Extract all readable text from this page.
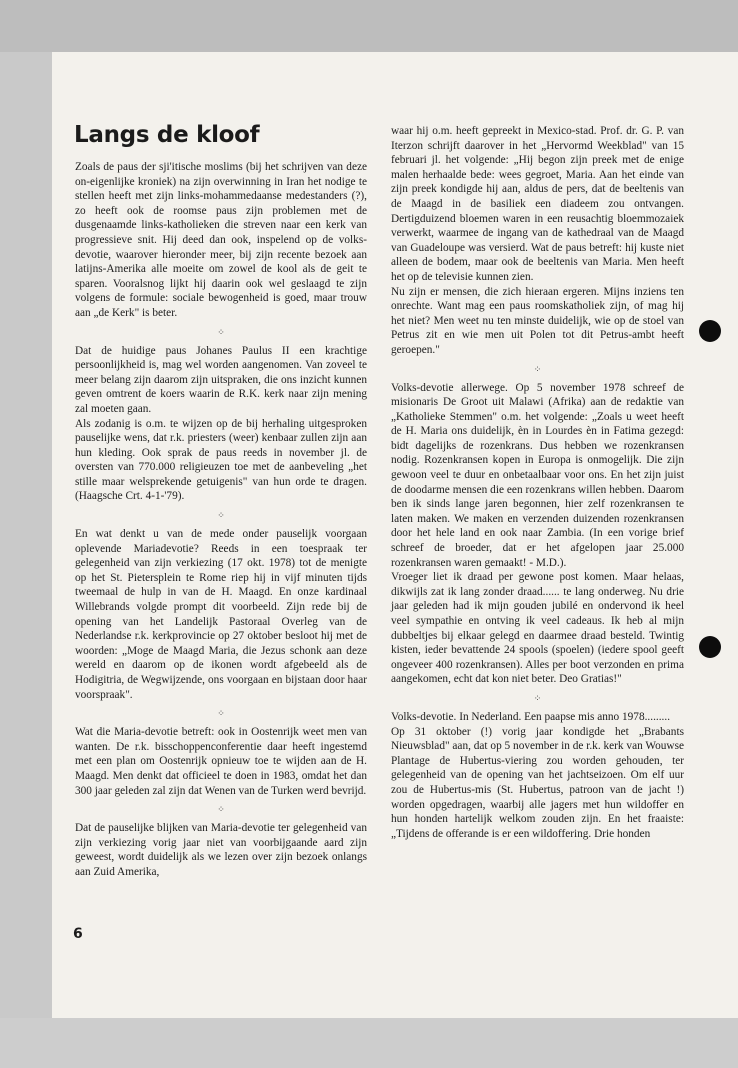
Langs de kloof

Zoals de paus der sji'itische moslims (bij het schrijven van deze on-eigenlijke kroniek) na zijn overwinning in Iran het nodige te stellen heeft met zijn links-mohammedaanse medestanders (?), zo heeft ook de roomse paus zijn problemen met de dusgenaamde links-katholieken die streven naar een kerk van progressieve snit. Hij deed dan ook, inspelend op de volks-devotie, waarover hieronder meer, bij zijn recente bezoek aan latijns-Amerika alle moeite om zowel de kool als de geit te sparen. Vooralsnog lijkt hij daarin ook wel geslaagd te zijn volgens de formule: sociale bewogenheid is goed, maar trouw aan „de Kerk" is beter.

⁘

Dat de huidige paus Johanes Paulus II een krachtige persoonlijkheid is, mag wel worden aangenomen. Van zoveel te meer belang zijn daarom zijn uitspraken, die ons inzicht kunnen geven omtrent de koers waarin de R.K. kerk naar zijn mening zal moeten gaan.

Als zodanig is o.m. te wijzen op de bij herhaling uitgesproken pauselijke wens, dat r.k. priesters (weer) kenbaar zullen zijn aan hun kleding. Ook sprak de paus reeds in november jl. de oversten van 770.000 religieuzen toe met de aanbeveling „het stille maar welsprekende getuigenis" van hun orde te dragen. (Haagsche Crt. 4-1-'79).

⁘

En wat denkt u van de mede onder pauselijk voorgaan oplevende Mariadevotie? Reeds in een toespraak ter gelegenheid van zijn verkiezing (17 okt. 1978) tot de menigte op het St. Pietersplein te Rome riep hij in vijf minuten tijds tweemaal de hulp in van de H. Maagd. En onze kardinaal Willebrands volgde prompt dit voorbeeld. Zijn rede bij de opening van het Landelijk Pastoraal Overleg van de Nederlandse r.k. kerkprovincie op 27 oktober besloot hij met de woorden: „Moge de Maagd Maria, die Jezus schonk aan deze wereld en daarom op de ikonen wordt afgebeeld als de Hodigitria, de Wegwijzende, ons voorgaan en bijstaan door haar voorspraak".

⁘

Wat die Maria-devotie betreft: ook in Oostenrijk weet men van wanten. De r.k. bisschoppenconferentie daar heeft ingestemd met een plan om Oostenrijk opnieuw toe te wijden aan de H. Maagd. Men denkt dat officieel te doen in 1983, omdat het dan 300 jaar geleden zal zijn dat Wenen van de Turken werd bevrijd.

⁘

Dat de pauselijke blijken van Maria-devotie ter gelegenheid van zijn verkiezing vorig jaar niet van voorbijgaande aard zijn geweest, wordt duidelijk als we lezen over zijn bezoek onlangs aan Zuid Amerika,

waar hij o.m. heeft gepreekt in Mexico-stad. Prof. dr. G. P. van Iterzon schrijft daarover in het „Hervormd Weekblad" van 15 februari jl. het volgende: „Hij begon zijn preek met de enige malen herhaalde bede: wees gegroet, Maria. Aan het einde van zijn preek kondigde hij aan, aldus de pers, dat de beeltenis van de Maagd in de basiliek een diadeem zou ontvangen. Dertigduizend bloemen waren in een reusachtig bloemmozaiek verwerkt, waarmee de ingang van de kathedraal van de Maagd van Guadeloupe was versierd. Wat de paus betreft: hij kuste niet alleen de bodem, maar ook de beeltenis van Maria. Men heeft het op de televisie kunnen zien.

Nu zijn er mensen, die zich hieraan ergeren. Mijns inziens ten onrechte. Want mag een paus roomskatholiek zijn, of mag hij het niet? Men weet nu ten minste duidelijk, wie op de stoel van Petrus zit en wie men uit Polen tot dit Petrus-ambt heeft geroepen."

⁘

Volks-devotie allerwege. Op 5 november 1978 schreef de misionaris De Groot uit Malawi (Afrika) aan de redaktie van „Katholieke Stemmen" o.m. het volgende: „Zoals u weet heeft de H. Maria ons duidelijk, èn in Lourdes èn in Fatima gezegd: bidt dagelijks de rozenkrans. Dus hebben we rozenkransen nodig. Rozenkransen kopen in Europa is onmogelijk. Die zijn gewoon veel te duur en onbetaalbaar voor ons. En het zijn juist de doodarme mensen die een rozenkrans willen hebben. Daarom ben ik sinds lange jaren begonnen, hier zelf rozenkransen te laten maken. We maken en verzenden duizenden rozenkransen door het hele land en ook naar Zambia. (In een vorige brief schreef de broeder, dat er het afgelopen jaar 25.000 rozenkransen waren gemaakt! - M.D.).

Vroeger liet ik draad per gewone post komen. Maar helaas, dikwijls zat ik lang zonder draad...... te lang onderweg. Nu drie jaar geleden had ik mijn gouden jubilé en ondervond ik heel veel sympathie en ontving ik veel cadeaus. Ik heb al mijn dubbeltjes bij elkaar gelegd en daarmee draad besteld. Twintig kisten, ieder bevattende 24 spools (spoelen) (iedere spool geeft ongeveer 400 rozenkransen). Alles per boot verzonden en prima aangekomen, echt dat kon niet beter. Deo Gratias!"

⁘

Volks-devotie. In Nederland. Een paapse mis anno 1978.........

Op 31 oktober (!) vorig jaar kondigde het „Brabants Nieuwsblad" aan, dat op 5 november in de r.k. kerk van Wouwse Plantage de Hubertus-viering zou worden gehouden, ter gelegenheid van de opening van het jachtseizoen. Om elf uur zou de Hubertus-mis (St. Hubertus, patroon van de jacht !) worden opgedragen, waarbij alle jagers met hun wildoffer en hun honden hartelijk welkom zouden zijn. En het fraaiste: „Tijdens de offerande is er een wildoffering. Drie honden

6
